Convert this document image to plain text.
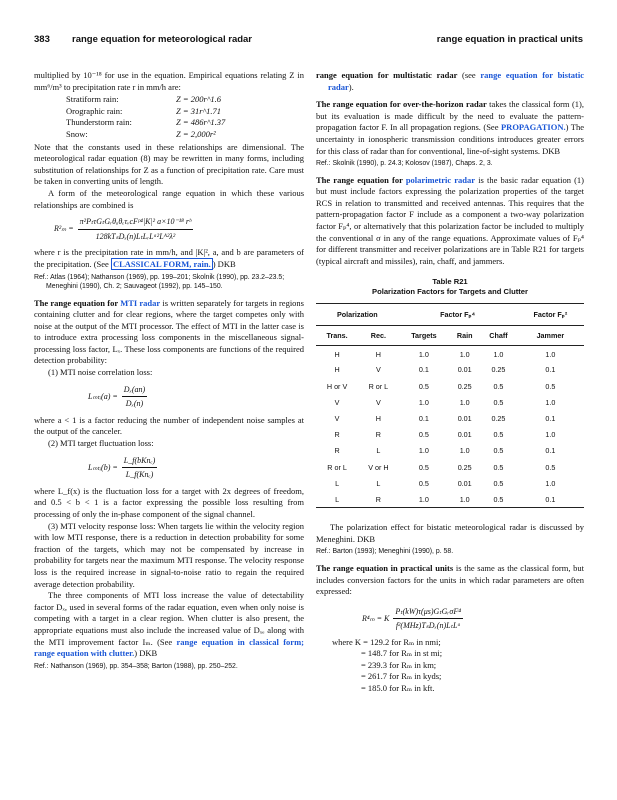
383 range equation for meteorological radar	range equation in practical units

multiplied by 10⁻¹⁸ for use in the equation. Empirical equations relating Z in mm⁶/m³ to precipitation rate r in mm/h are:

Stratiform rain:	Z = 200r^1.6
Orographic rain:	Z = 31r^1.71
Thunderstorm rain:	Z = 486r^1.37
Snow:	Z = 2,000r²

Note that the constants used in these relationships are dimensional. The meteorological radar equation (8) may be rewritten in many forms, including substitution of relationships for Z as a function of precipitation rate. Care must be taken in converting units of length.

A form of the meteorological range equation in which these various relationships are combined is

$R^2_m = \frac{\text{π²PₜτGₜGᵣθₐθₑτᵥcFᵖ⁴|K|² a×10⁻¹⁸ rᵇ}}{\text{128kTₛDₓ(n)LₜLᵣLᵅ²Lᴬ²λ²}}$

where r is the precipitation rate in mm/h, and |K|², a, and b are parameters of the precipitation. (See CLASSICAL FORM, rain. ) DKB

Ref.: Atlas (1964); Nathanson (1969), pp. 199–201; Skolnik (1990), pp. 23.2–23.5; Meneghini (1990), Ch. 2; Sauvageot (1992), pp. 145–150.

The range equation for MTI radar is written separately for targets in regions containing clutter and for clear regions, where the target competes only with noise at the output of the MTI processor. The effect of MTI in the latter case is to introduce extra processing loss components in the miscellaneous signal-processing loss factor, Lₓ. These loss components are functions of the required detection probability:

(1) MTI noise correlation loss:

Lₘₜᵢ(a) = $\frac{\text{Dₓ(an)}}{\text{Dₓ(n)}}$

where a < 1 is a factor reducing the number of independent noise samples at the output of the canceler.

(2) MTI target fluctuation loss:

Lₘₜᵢ(b) = $\frac{\text{L\_f(bKnₑ)}}{\text{L\_f(Knₑ)}}$

where L_f(x) is the fluctuation loss for a target with 2x degrees of freedom, and 0.5 < b < 1 is a factor expressing the possible loss resulting from processing of only the in-phase component of the signal channel.

(3) MTI velocity response loss: When targets lie within the velocity region with low MTI response, there is a reduction in detection probability for some fraction of the targets, which may not be compensated by increase in probability for targets near the maximum MTI response. The velocity response loss is the required increase in signal-to-noise ratio to regain the required average detection probability.

The three components of MTI loss increase the value of detectability factor Dₓ, used in several forms of the radar equation, even when only noise is competing with a target in a clear region. When clutter is also present, the appropriate equations must also include the increased value of Dₓₑ along with the MTI improvement factor Iₘ. (See range equation in classical form; range equation with clutter.) DKB

Ref.: Nathanson (1969), pp. 354–358; Barton (1988), pp. 250–252.

range equation for multistatic radar (see range equation for bistatic radar).

The range equation for over-the-horizon radar takes the classical form (1), but its evaluation is made difficult by the need to evaluate the pattern-propagation factor F. In all propagation regions. (See PROPAGATION.) The uncertainty in ionospheric transmission conditions introduces greater errors for this class of radar than for conventional, line-of-sight systems. DKB

Ref.: Skolnik (1990), p. 24.3; Kolosov (1987), Chaps. 2, 3.

The range equation for polarimetric radar is the basic radar equation (1) but must include factors expressing the polarization properties of the target RCS in relation to transmitted and received antennas. This requires that the pattern-propagation factor F include as a component a two-way polarization factor Fₚ⁴, or alternatively that this polarization factor be included to multiply the conventional σ in any of the range equations. Approximate values of Fₚ⁴ for different transmitter and receiver polarizations are in Table R21 for targets (typical aircraft and missiles), rain, chaff, and jammers.

Table R21
Polarization Factors for Targets and Clutter
Polarization		Factor Fₚ⁴			Factor Fₚ²
Trans.	Rec.	Targets	Rain	Chaff	Jammer
H	H	1.0	1.0	1.0	1.0
H	V	0.1	0.01	0.25	0.1
H or V	R or L	0.5	0.25	0.5	0.5
V	V	1.0	1.0	0.5	1.0
V	H	0.1	0.01	0.25	0.1
R	R	0.5	0.01	0.5	1.0
R	L	1.0	1.0	0.5	0.1
R or L	V or H	0.5	0.25	0.5	0.5
L	L	0.5	0.01	0.5	1.0
L	R	1.0	1.0	0.5	0.1

The polarization effect for bistatic meteorological radar is discussed by Meneghini. DKB

Ref.: Barton (1993); Meneghini (1990), p. 58.

The range equation in practical units is the same as the classical form, but includes conversion factors for the units in which radar parameters are often expressed:

R⁴ₘ = K $\frac{\text{Pₜ(kW)τ(μs)GₜGᵣσF⁴}}{\text{f²(MHz)TₛDₓ(n)LₜLᵅ}}$
where K = 129.2 for Rₘ in nmi;
= 148.7 for Rₘ in st mi;
= 239.3 for Rₘ in km;
= 261.7 for Rₘ in kyds;
= 185.0 for Rₘ in kft.
